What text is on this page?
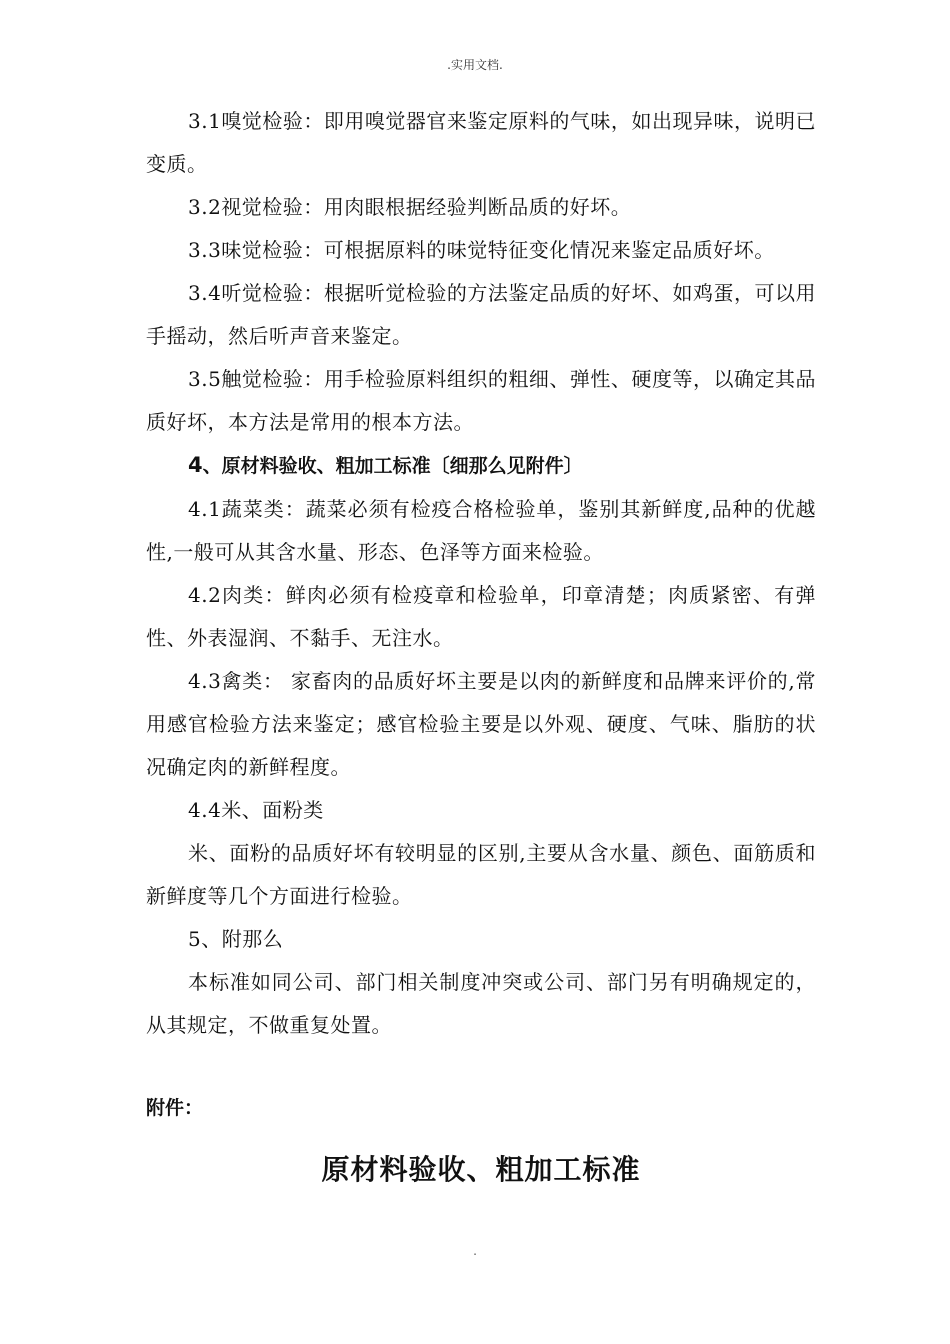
.实用文档.

3.1嗅觉检验：即用嗅觉器官来鉴定原料的气味，如出现异味，说明已变质。

3.2视觉检验：用肉眼根据经验判断品质的好坏。

3.3味觉检验：可根据原料的味觉特征变化情况来鉴定品质好坏。

3.4听觉检验：根据听觉检验的方法鉴定品质的好坏、如鸡蛋，可以用手摇动，然后听声音来鉴定。

3.5触觉检验：用手检验原料组织的粗细、弹性、硬度等，以确定其品质好坏，本方法是常用的根本方法。

4、原材料验收、粗加工标准〔细那么见附件〕

4.1蔬菜类：蔬菜必须有检疫合格检验单，鉴别其新鲜度,品种的优越性,一般可从其含水量、形态、色泽等方面来检验。

4.2肉类：鲜肉必须有检疫章和检验单，印章清楚；肉质紧密、有弹性、外表湿润、不黏手、无注水。

4.3禽类： 家畜肉的品质好坏主要是以肉的新鲜度和品牌来评价的,常用感官检验方法来鉴定；感官检验主要是以外观、硬度、气味、脂肪的状况确定肉的新鲜程度。

4.4米、面粉类

米、面粉的品质好坏有较明显的区别,主要从含水量、颜色、面筋质和新鲜度等几个方面进行检验。

5、附那么

本标准如同公司、部门相关制度冲突或公司、部门另有明确规定的，从其规定，不做重复处置。

附件：

原材料验收、粗加工标准

.
